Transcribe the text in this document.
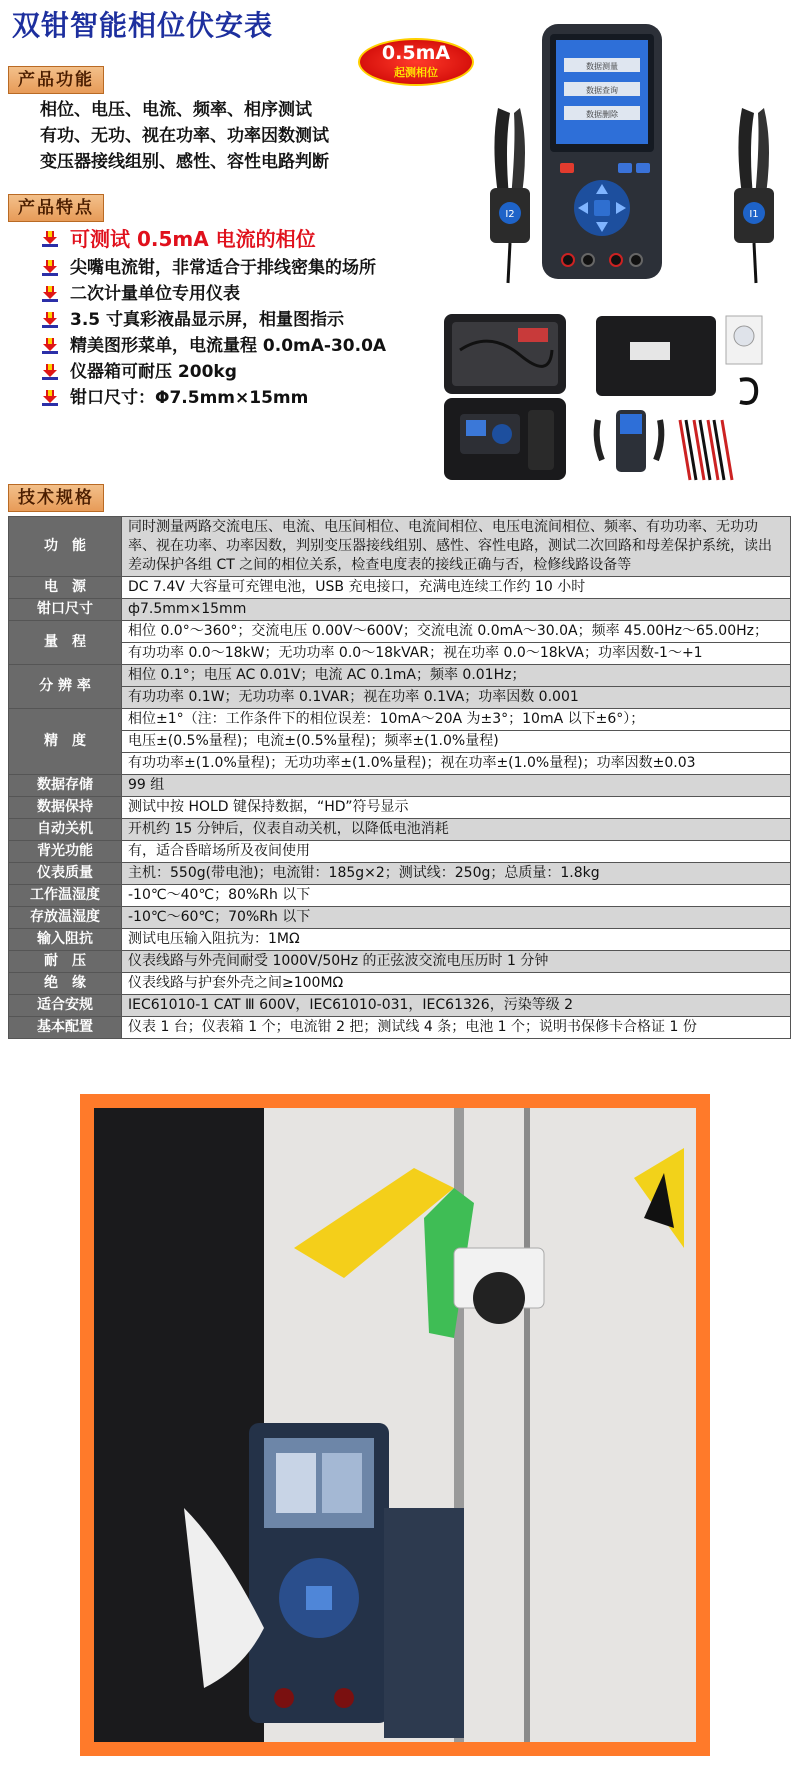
双钳智能相位伏安表
产品功能
相位、电压、电流、频率、相序测试
有功、无功、视在功率、功率因数测试
变压器接线组别、感性、容性电路判断
0.5mA
起测相位
产品特点
可测试 0.5mA 电流的相位
尖嘴电流钳，非常适合于排线密集的场所
二次计量单位专用仪表
3.5 寸真彩液晶显示屏，相量图指示
精美图形菜单，电流量程 0.0mA-30.0A
仪器箱可耐压 200kg
钳口尺寸：Φ7.5mm×15mm
I2
数据测量
数据查询
数据删除
I1
技术规格
功　能	同时测量两路交流电压、电流、电压间相位、电流间相位、电压电流间相位、频率、有功功率、无功功率、视在功率、功率因数，判别变压器接线组别、感性、容性电路，测试二次回路和母差保护系统，读出差动保护各组 CT 之间的相位关系，检查电度表的接线正确与否，检修线路设备等
电　源	DC 7.4V 大容量可充锂电池，USB 充电接口，充满电连续工作约 10 小时
钳口尺寸	ф7.5mm×15mm
量　程	相位 0.0°～360°；交流电压 0.00V～600V；交流电流 0.0mA～30.0A；频率 45.00Hz～65.00Hz；
	有功功率 0.0～18kW；无功功率 0.0～18kVAR；视在功率 0.0～18kVA；功率因数-1～+1
分 辨 率	相位 0.1°；电压 AC 0.01V；电流 AC 0.1mA；频率 0.01Hz；
	有功功率 0.1W；无功功率 0.1VAR；视在功率 0.1VA；功率因数 0.001
精　度	相位±1°（注：工作条件下的相位误差：10mA～20A 为±3°；10mA 以下±6°）；
	电压±(0.5%量程)；电流±(0.5%量程)；频率±(1.0%量程)
	有功功率±(1.0%量程)；无功功率±(1.0%量程)；视在功率±(1.0%量程)；功率因数±0.03
数据存储	99 组
数据保持	测试中按 HOLD 键保持数据，“HD”符号显示
自动关机	开机约 15 分钟后，仪表自动关机，以降低电池消耗
背光功能	有，适合昏暗场所及夜间使用
仪表质量	主机：550g(带电池)；电流钳：185g×2；测试线：250g；总质量：1.8kg
工作温湿度	-10℃～40℃；80%Rh 以下
存放温湿度	-10℃～60℃；70%Rh 以下
输入阻抗	测试电压输入阻抗为：1MΩ
耐　压	仪表线路与外壳间耐受 1000V/50Hz 的正弦波交流电压历时 1 分钟
绝　缘	仪表线路与护套外壳之间≥100MΩ
适合安规	IEC61010-1 CAT Ⅲ 600V，IEC61010-031，IEC61326，污染等级 2
基本配置	仪表 1 台；仪表箱 1 个；电流钳 2 把；测试线 4 条；电池 1 个；说明书保修卡合格证 1 份
